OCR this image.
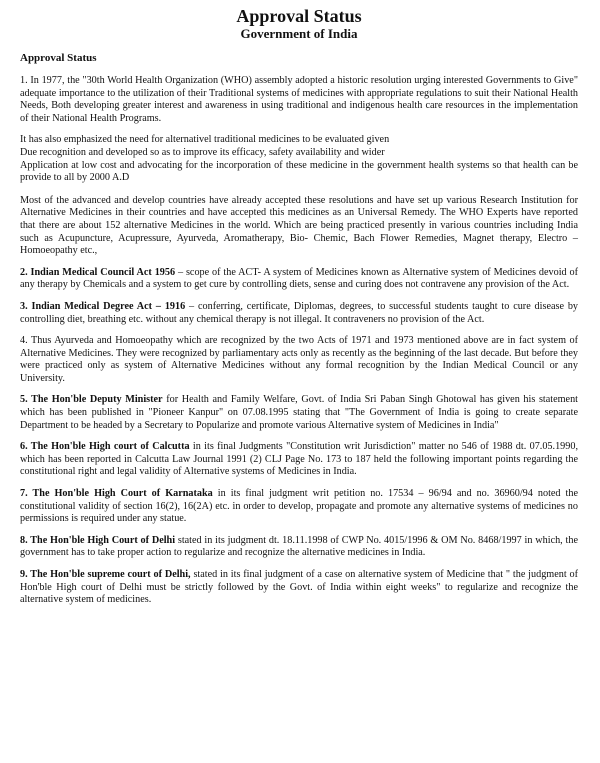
Approval Status
Government of India
Approval Status

1. In 1977, the "30th World Health Organization (WHO) assembly adopted a historic resolution urging interested Governments to Give" adequate importance to the utilization of their Traditional systems of medicines with appropriate regulations to suit their National Health Needs, Both developing greater interest and awareness in using traditional and indigenous health care resources in the implementation of their National Health Programs.

It has also emphasized the need for alternativel traditional medicines to be evaluated given

Due recognition and developed so as to improve its efficacy, safety availability and wider

Application at low cost and advocating for the incorporation of these medicine in the government health systems so that health can be provide to all by 2000 A.D

Most of the advanced and develop countries have already accepted these resolutions and have set up various Research Institution for Alternative Medicines in their countries and have accepted this medicines as an Universal Remedy. The WHO Experts have reported that there are about 152 alternative Medicines in the world. Which are being practiced presently in various countries including India such as Acupuncture, Acupressure, Ayurveda, Aromatherapy, Bio- Chemic, Bach Flower Remedies, Magnet therapy, Electro – Homoeopathy etc.,

2. Indian Medical Council Act 1956 – scope of the ACT- A system of Medicines known as Alternative system of Medicines devoid of any therapy by Chemicals and a system to get cure by controlling diets, sense and curing does not contravene any provision of the Act.

3. Indian Medical Degree Act – 1916 – conferring, certificate, Diplomas, degrees, to successful students taught to cure disease by controlling diet, breathing etc. without any chemical therapy is not illegal. It contraveners no provision of the Act.

4. Thus Ayurveda and Homoeopathy which are recognized by the two Acts of 1971 and 1973 mentioned above are in fact system of Alternative Medicines. They were recognized by parliamentary acts only as recently as the beginning of the last decade. But before they were practiced only as system of Alternative Medicines without any formal recognition by the Indian Medical Council or any University.

5. The Hon'ble Deputy Minister for Health and Family Welfare, Govt. of India Sri Paban Singh Ghotowal has given his statement which has been published in "Pioneer Kanpur" on 07.08.1995 stating that "The Government of India is going to create separate Department to be headed by a Secretary to Popularize and promote various Alternative system of Medicines in India"

6. The Hon'ble High court of Calcutta in its final Judgments "Constitution writ Jurisdiction" matter no 546 of 1988 dt. 07.05.1990, which has been reported in Calcutta Law Journal 1991 (2) CLJ Page No. 173 to 187 held the following important points regarding the constitutional right and legal validity of Alternative systems of Medicines in India.

7. The Hon'ble High Court of Karnataka in its final judgment writ petition no. 17534 – 96/94 and no. 36960/94 noted the constitutional validity of section 16(2), 16(2A) etc. in order to develop, propagate and promote any alternative systems of medicines no permissions is required under any statue.

8. The Hon'ble High Court of Delhi stated in its judgment dt. 18.11.1998 of CWP No. 4015/1996 & OM No. 8468/1997 in which, the government has to take proper action to regularize and recognize the alternative medicines in India.

9. The Hon'ble supreme court of Delhi, stated in its final judgment of a case on alternative system of Medicine that " the judgment of Hon'ble High court of Delhi must be strictly followed by the Govt. of India within eight weeks" to regularize and recognize the alternative system of medicines.
